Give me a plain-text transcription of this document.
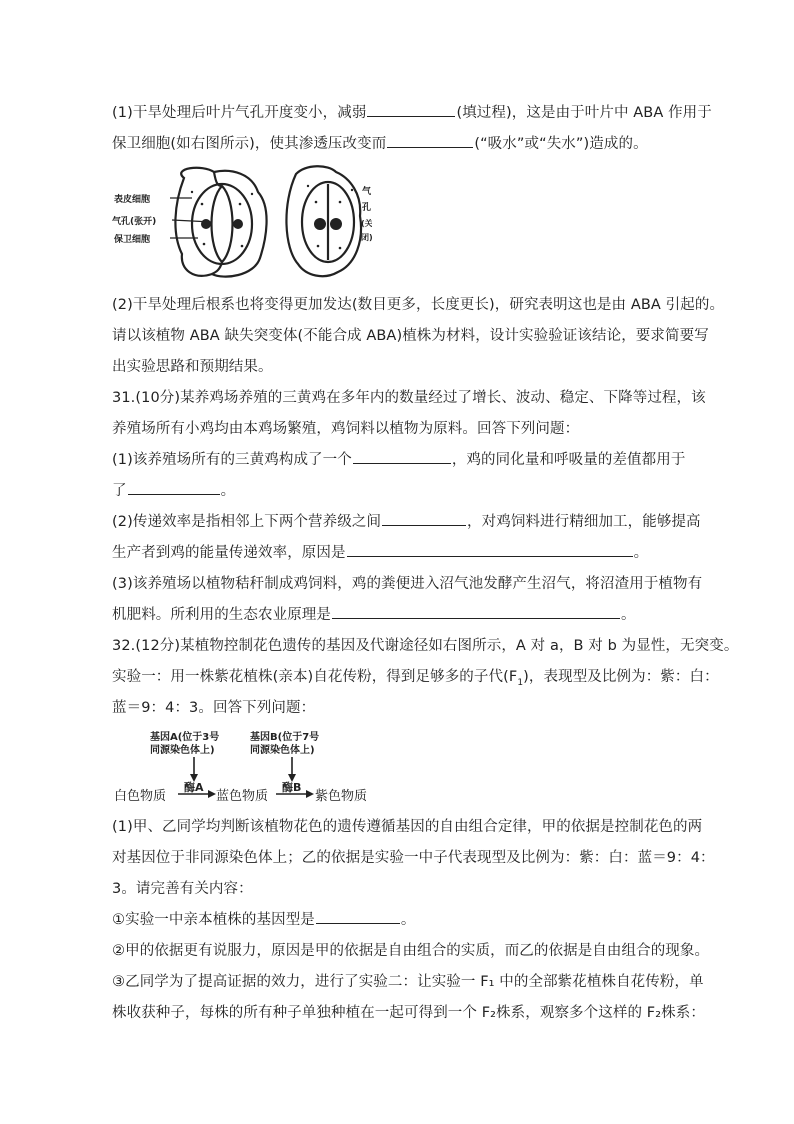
(1)干旱处理后叶片气孔开度变小，减弱	(填过程)，这是由于叶片中 ABA 作用于
保卫细胞(如右图所示)，使其渗透压改变而	(“吸水”或“失水”)造成的。
表皮细胞
气孔(张开)
保卫细胞
气
孔
(关
闭)
(2)干旱处理后根系也将变得更加发达(数目更多，长度更长)，研究表明这也是由 ABA 引起的。
请以该植物 ABA 缺失突变体(不能合成 ABA)植株为材料，设计实验验证该结论，要求简要写
出实验思路和预期结果。
31.(10分)某养鸡场养殖的三黄鸡在多年内的数量经过了增长、波动、稳定、下降等过程，该
养殖场所有小鸡均由本鸡场繁殖，鸡饲料以植物为原料。回答下列问题：
(1)该养殖场所有的三黄鸡构成了一个	，鸡的同化量和呼吸量的差值都用于
了	。
(2)传递效率是指相邻上下两个营养级之间	，对鸡饲料进行精细加工，能够提高
生产者到鸡的能量传递效率，原因是	。
(3)该养殖场以植物秸秆制成鸡饲料，鸡的粪便进入沼气池发酵产生沼气，将沼渣用于植物有
机肥料。所利用的生态农业原理是	。
32.(12分)某植物控制花色遗传的基因及代谢途径如右图所示，A 对 a，B 对 b 为显性，无突变。
实验一：用一株紫花植株(亲本)自花传粉，得到足够多的子代$(F_1)$，表现型及比例为：紫：白：
蓝＝9：4：3。回答下列问题：
基因A(位于3号
同源染色体上)
基因B(位于7号
同源染色体上)
白色物质	蓝色物质	紫色物质
酶A	酶B
(1)甲、乙同学均判断该植物花色的遗传遵循基因的自由组合定律，甲的依据是控制花色的两
对基因位于非同源染色体上；乙的依据是实验一中子代表现型及比例为：紫：白：蓝＝9：4：
3。请完善有关内容：
①实验一中亲本植株的基因型是	。
②甲的依据更有说服力，原因是甲的依据是自由组合的实质，而乙的依据是自由组合的现象。
③乙同学为了提高证据的效力，进行了实验二：让实验一 F₁ 中的全部紫花植株自花传粉，单
株收获种子，每株的所有种子单独种植在一起可得到一个 F₂株系，观察多个这样的 F₂株系：
